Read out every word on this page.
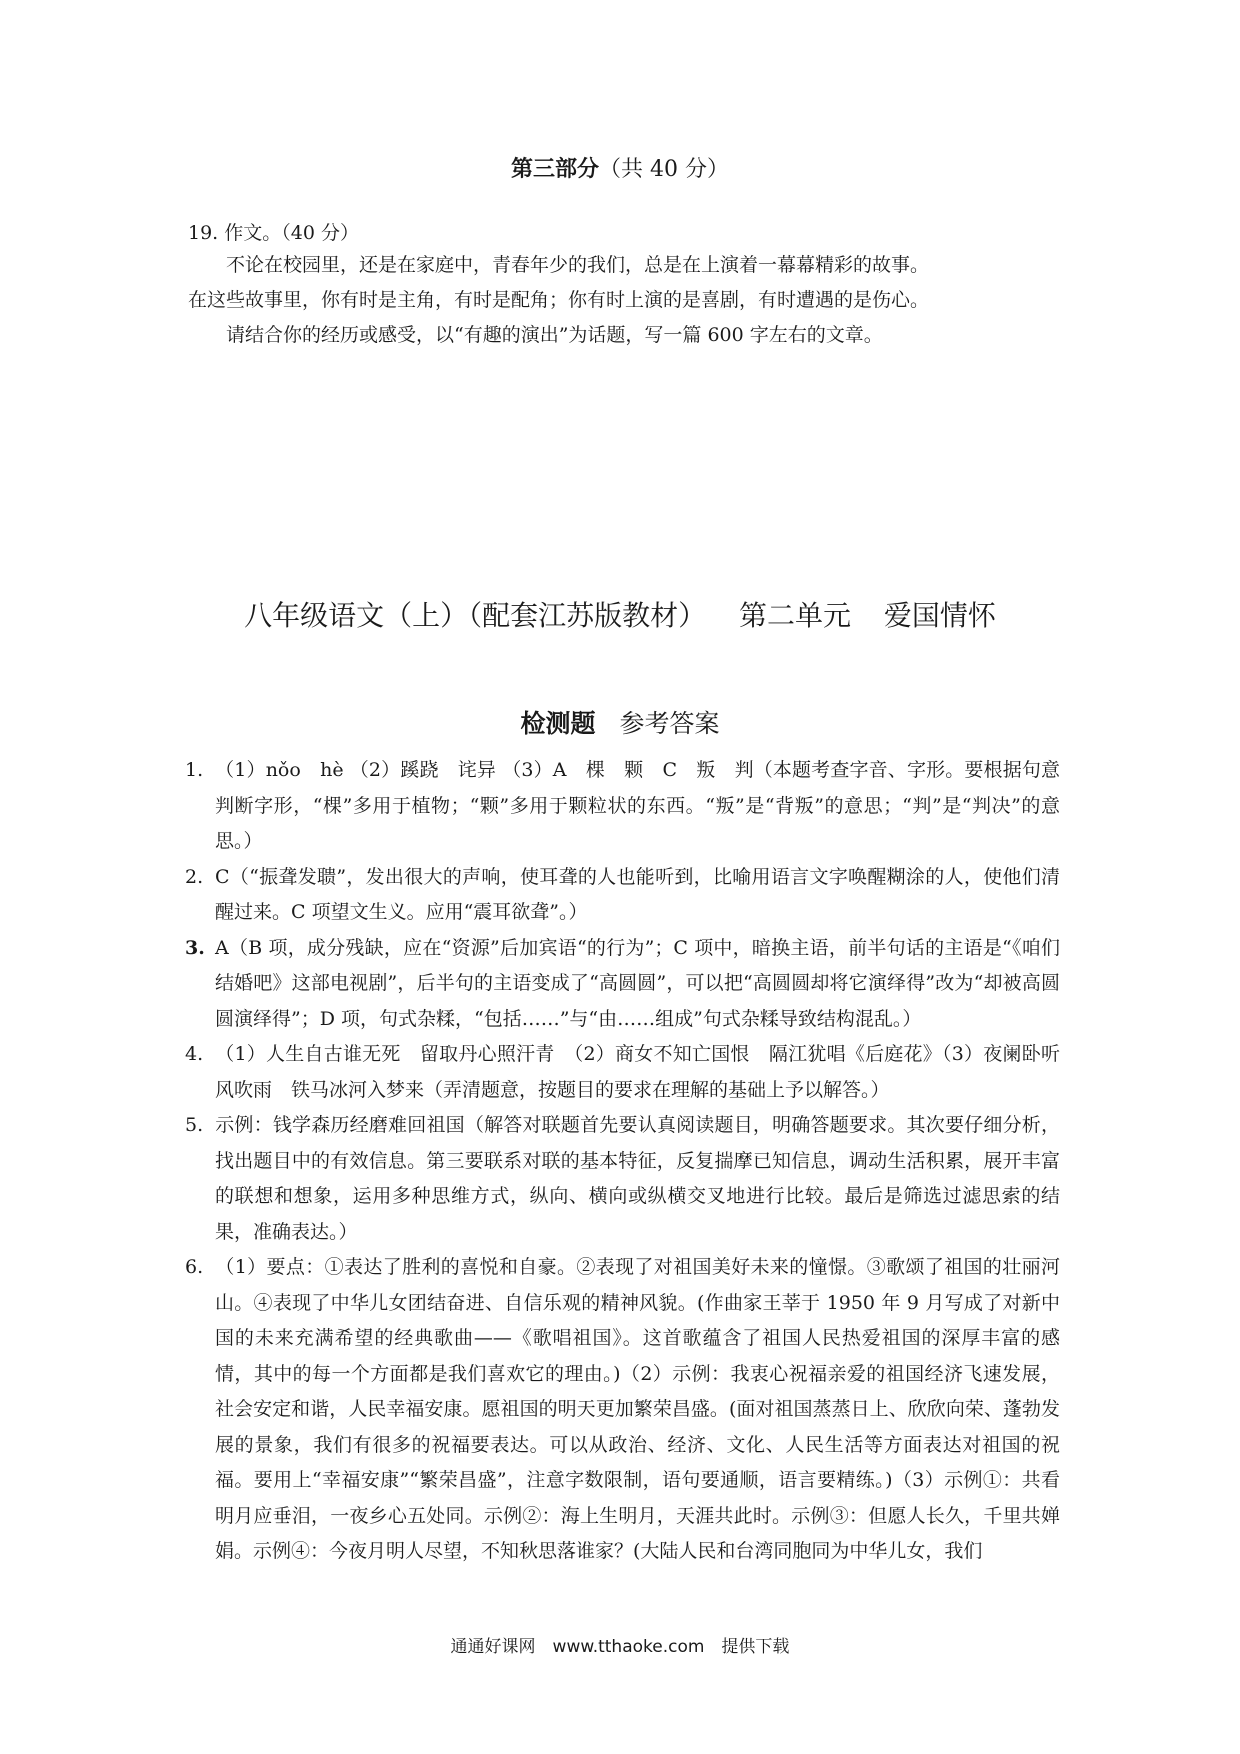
第三部分（共 40 分）
19. 作文。（40 分）

不论在校园里，还是在家庭中，青春年少的我们，总是在上演着一幕幕精彩的故事。

在这些故事里，你有时是主角，有时是配角；你有时上演的是喜剧，有时遭遇的是伤心。

请结合你的经历或感受，以“有趣的演出”为话题，写一篇 600 字左右的文章。

八年级语文（上）（配套江苏版教材） 第二单元 爱国情怀
检测题 参考答案

1. （1）nǒo　hè （2）蹊跷　诧异 （3）A　棵　颗　C　叛　判（本题考查字音、字形。要根据句意判断字形，“棵”多用于植物；“颗”多用于颗粒状的东西。“叛”是“背叛”的意思；“判”是“判决”的意思。）

2. C（“振聋发聩”，发出很大的声响，使耳聋的人也能听到，比喻用语言文字唤醒糊涂的人，使他们清醒过来。C 项望文生义。应用“震耳欲聋”。）

3. A（B 项，成分残缺，应在“资源”后加宾语“的行为”；C 项中，暗换主语，前半句话的主语是“《咱们结婚吧》这部电视剧”，后半句的主语变成了“高圆圆”，可以把“高圆圆却将它演绎得”改为“却被高圆圆演绎得”；D 项，句式杂糅，“包括……”与“由……组成”句式杂糅导致结构混乱。）

4. （1）人生自古谁无死　留取丹心照汗青　（2）商女不知亡国恨　隔江犹唱《后庭花》（3）夜阑卧听风吹雨　铁马冰河入梦来（弄清题意，按题目的要求在理解的基础上予以解答。）

5. 示例：钱学森历经磨难回祖国（解答对联题首先要认真阅读题目，明确答题要求。其次要仔细分析，找出题目中的有效信息。第三要联系对联的基本特征，反复揣摩已知信息，调动生活积累，展开丰富的联想和想象，运用多种思维方式，纵向、横向或纵横交叉地进行比较。最后是筛选过滤思索的结果，准确表达。）

6. （1）要点：①表达了胜利的喜悦和自豪。②表现了对祖国美好未来的憧憬。③歌颂了祖国的壮丽河山。④表现了中华儿女团结奋进、自信乐观的精神风貌。(作曲家王莘于 1950 年 9 月写成了对新中国的未来充满希望的经典歌曲——《歌唱祖国》。这首歌蕴含了祖国人民热爱祖国的深厚丰富的感情，其中的每一个方面都是我们喜欢它的理由。)（2）示例：我衷心祝福亲爱的祖国经济飞速发展，社会安定和谐，人民幸福安康。愿祖国的明天更加繁荣昌盛。(面对祖国蒸蒸日上、欣欣向荣、蓬勃发展的景象，我们有很多的祝福要表达。可以从政治、经济、文化、人民生活等方面表达对祖国的祝福。要用上“幸福安康”“繁荣昌盛”，注意字数限制，语句要通顺，语言要精练。)（3）示例①：共看明月应垂泪，一夜乡心五处同。示例②：海上生明月，天涯共此时。示例③：但愿人长久，千里共婵娟。示例④：今夜月明人尽望，不知秋思落谁家？(大陆人民和台湾同胞同为中华儿女，我们

通通好课网　www.tthaoke.com　提供下载
